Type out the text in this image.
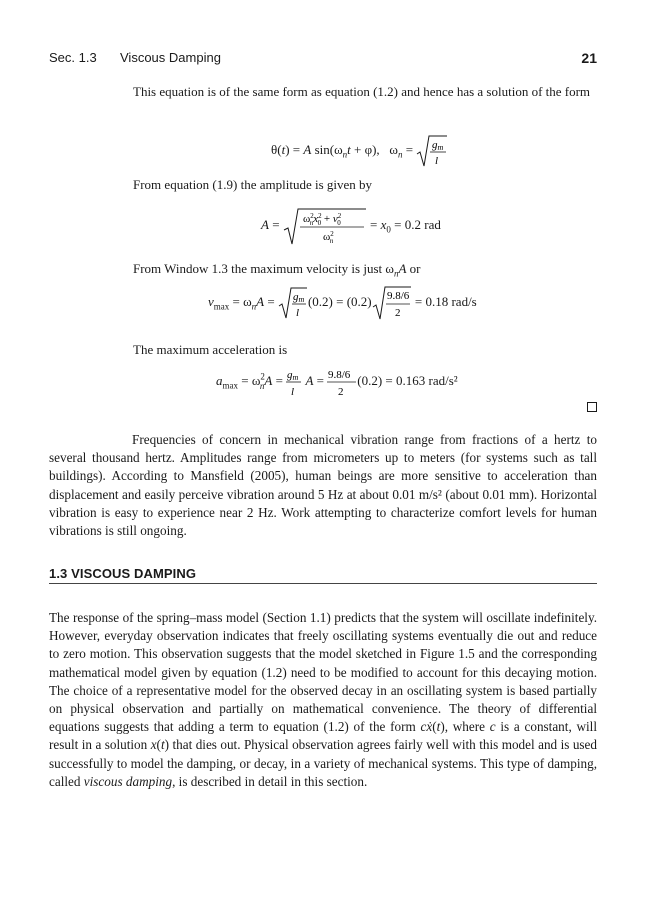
Sec. 1.3 Viscous Damping	21
This equation is of the same form as equation (1.2) and hence has a solution of the form
θ(t) = A $\sin(\omega_nt + \varphi)$,   $\omega_n$ = gm
l
From equation (1.9) the amplitude is given by
$A = \omega^2$ $nx^2$ $0 + v^2$ 0
$\omega^2$ n
= $x_0 = 0.2$ rad
From Window 1.3 the maximum velocity is just $\omega_nA$ or
$v_{max} = \omega_nA$ = gm
l
(0.2) = (0.2) 9.8/6
2
= 0.18 rad/s
The maximum acceleration is
$a_{max} = \omega^2_nA$ = gm
l
A = 9.8/6
2
(0.2) = 0.163 rad/s²
Frequencies of concern in mechanical vibration range from fractions of a hertz to several thousand hertz. Amplitudes range from micrometers up to meters (for systems such as tall buildings). According to Mansfield (2005), human beings are more sensitive to acceleration than displacement and easily perceive vibration around 5 Hz at about 0.01 m/s² (about 0.01 mm). Horizontal vibration is easy to experience near 2 Hz. Work attempting to characterize comfort levels for human vibrations is still ongoing.
1.3 VISCOUS DAMPING
The response of the spring–mass model (Section 1.1) predicts that the system will oscillate indefinitely. However, everyday observation indicates that freely oscillating systems eventually die out and reduce to zero motion. This observation suggests that the model sketched in Figure 1.5 and the corresponding mathematical model given by equation (1.2) need to be modified to account for this decaying motion. The choice of a representative model for the observed decay in an oscillating system is based partially on physical observation and partially on mathematical convenience. The theory of differential equations suggests that adding a term to equation (1.2) of the form cẋ(t), where c is a constant, will result in a solution x(t) that dies out. Physical observation agrees fairly well with this model and is used successfully to model the damping, or decay, in a variety of mechanical systems. This type of damping, called viscous damping, is described in detail in this section.
